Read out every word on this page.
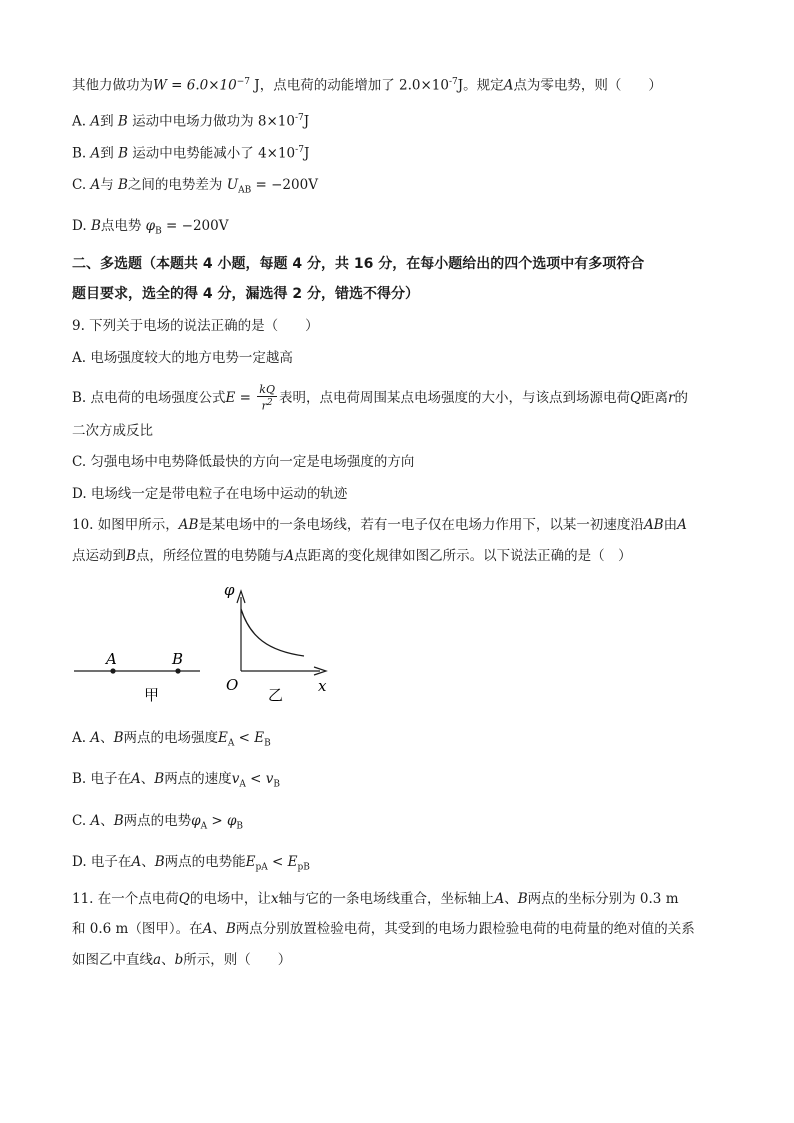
其他力做功为$W = 6.0\times 10^{-7}$ J，点电荷的动能增加了 $2.0\times 10^{-7}J$。规定A点为零电势，则（　　）
A. A到 B 运动中电场力做功为 $8\times 10^{-7}J$
B. A到 B 运动中电势能减小了 $4\times 10^{-7}J$
C. A与 B之间的电势差为 $U_{AB} = -200V$
D. B点电势 $\varphi_B = -200V$
二、多选题（本题共 4 小题，每题 4 分，共 16 分，在每小题给出的四个选项中有多项符合
题目要求，选全的得 4 分，漏选得 2 分，错选不得分）
9. 下列关于电场的说法正确的是（　　）
A. 电场强度较大的地方电势一定越高
B. 点电荷的电场强度公式$E = \frac{kQ}{r^2}$ 表明，点电荷周围某点电场强度的大小，与该点到场源电荷Q距离r的
二次方成反比
C. 匀强电场中电势降低最快的方向一定是电场强度的方向
D. 电场线一定是带电粒子在电场中运动的轨迹
10. 如图甲所示，AB是某电场中的一条电场线，若有一电子仅在电场力作用下，以某一初速度沿AB由A
点运动到B点，所经位置的电势随与A点距离的变化规律如图乙所示。以下说法正确的是（　）
A	B
甲
φ
x
O
乙
A. A、B两点的电场强度$E_A < E_B$
B. 电子在A、B两点的速度$v_A < v_B$
C. A、B两点的电势$\varphi_A > \varphi_B$
D. 电子在A、B两点的电势能$E_{pA} < E_{pB}$
11. 在一个点电荷Q的电场中，让x轴与它的一条电场线重合，坐标轴上A、B两点的坐标分别为 0.3 m
和 0.6 m（图甲）。在A、B两点分别放置检验电荷，其受到的电场力跟检验电荷的电荷量的绝对值的关系
如图乙中直线a、b所示，则（　　）
